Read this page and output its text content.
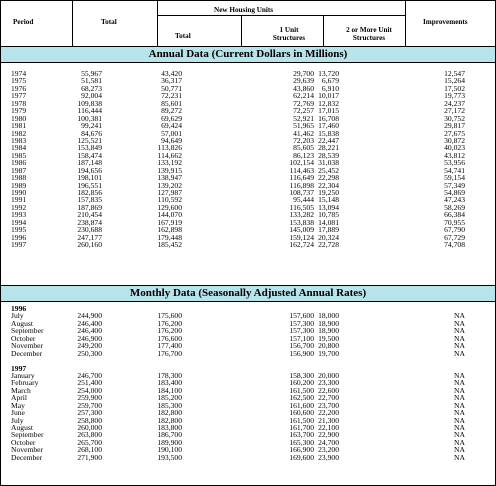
Period	Total
New Housing Units
Total
1 Unit
Structures
2 or More Unit
Structures
Improvements
Annual Data (Current Dollars in Millions)
1974	55,967	43,420	29,700 13,720	12,547
1975	51,581	36,317	29,639 6,679	15,264
1976	68,273	50,771	43,860 6,910	17,502
1977	92,004	72,231	62,214 10,017	19,773
1978	109,838	85,601	72,769 12,832	24,237
1979	116,444	89,272	72,257 17,015	27,172
1980	100,381	69,629	52,921 16,708	30,752
1981	99,241	69,424	51,965 17,460	29,817
1982	84,676	57,001	41,462 15,838	27,675
1983	125,521	94,649	72,203 22,447	30,872
1984	153,849	113,826	85,605 28,221	40,023
1985	158,474	114,662	86,123 28,539	43,812
1986	187,148	133,192	102,154 31,038	53,956
1987	194,656	139,915	114,463 25,452	54,741
1988	198,101	138,947	116,649 22,298	59,154
1989	196,551	139,202	116,898 22,304	57,349
1990	182,856	127,987	108,737 19,250	54,869
1991	157,835	110,592	95,444 15,148	47,243
1992	187,869	129,600	116,505 13,094	58,269
1993	210,454	144,070	133,282 10,785	66,384
1994	238,874	167,919	153,838 14,081	70,955
1995	230,688	162,898	145,009 17,889	67,790
1996	247,177	179,448	159,124 20,324	67,729
1997	260,160	185,452	162,724 22,728	74,708
Monthly Data (Seasonally Adjusted Annual Rates)
1996
July	244,900	175,600	157,600 18,000	NA
August	246,400	176,200	157,300 18,900	NA
September	246,400	176,200	157,300 18,900	NA
October	246,900	176,600	157,100 19,500	NA
November	249,200	177,400	156,700 20,800	NA
December	250,300	176,700	156,900 19,700	NA
1997
January	246,700	178,300	158,300 20,000	NA
February	251,400	183,400	160,200 23,300	NA
March	254,000	184,100	161,500 22,600	NA
April	259,900	185,200	162,500 22,700	NA
May	259,700	185,300	161,600 23,700	NA
June	257,300	182,800	160,600 22,200	NA
July	258,800	182,800	161,500 21,300	NA
August	260,000	183,800	161,700 22,100	NA
September	263,800	186,700	163,700 22,900	NA
October	265,700	189,900	165,300 24,700	NA
November	268,100	190,100	166,900 23,200	NA
December	271,900	193,500	169,600 23,900	NA
